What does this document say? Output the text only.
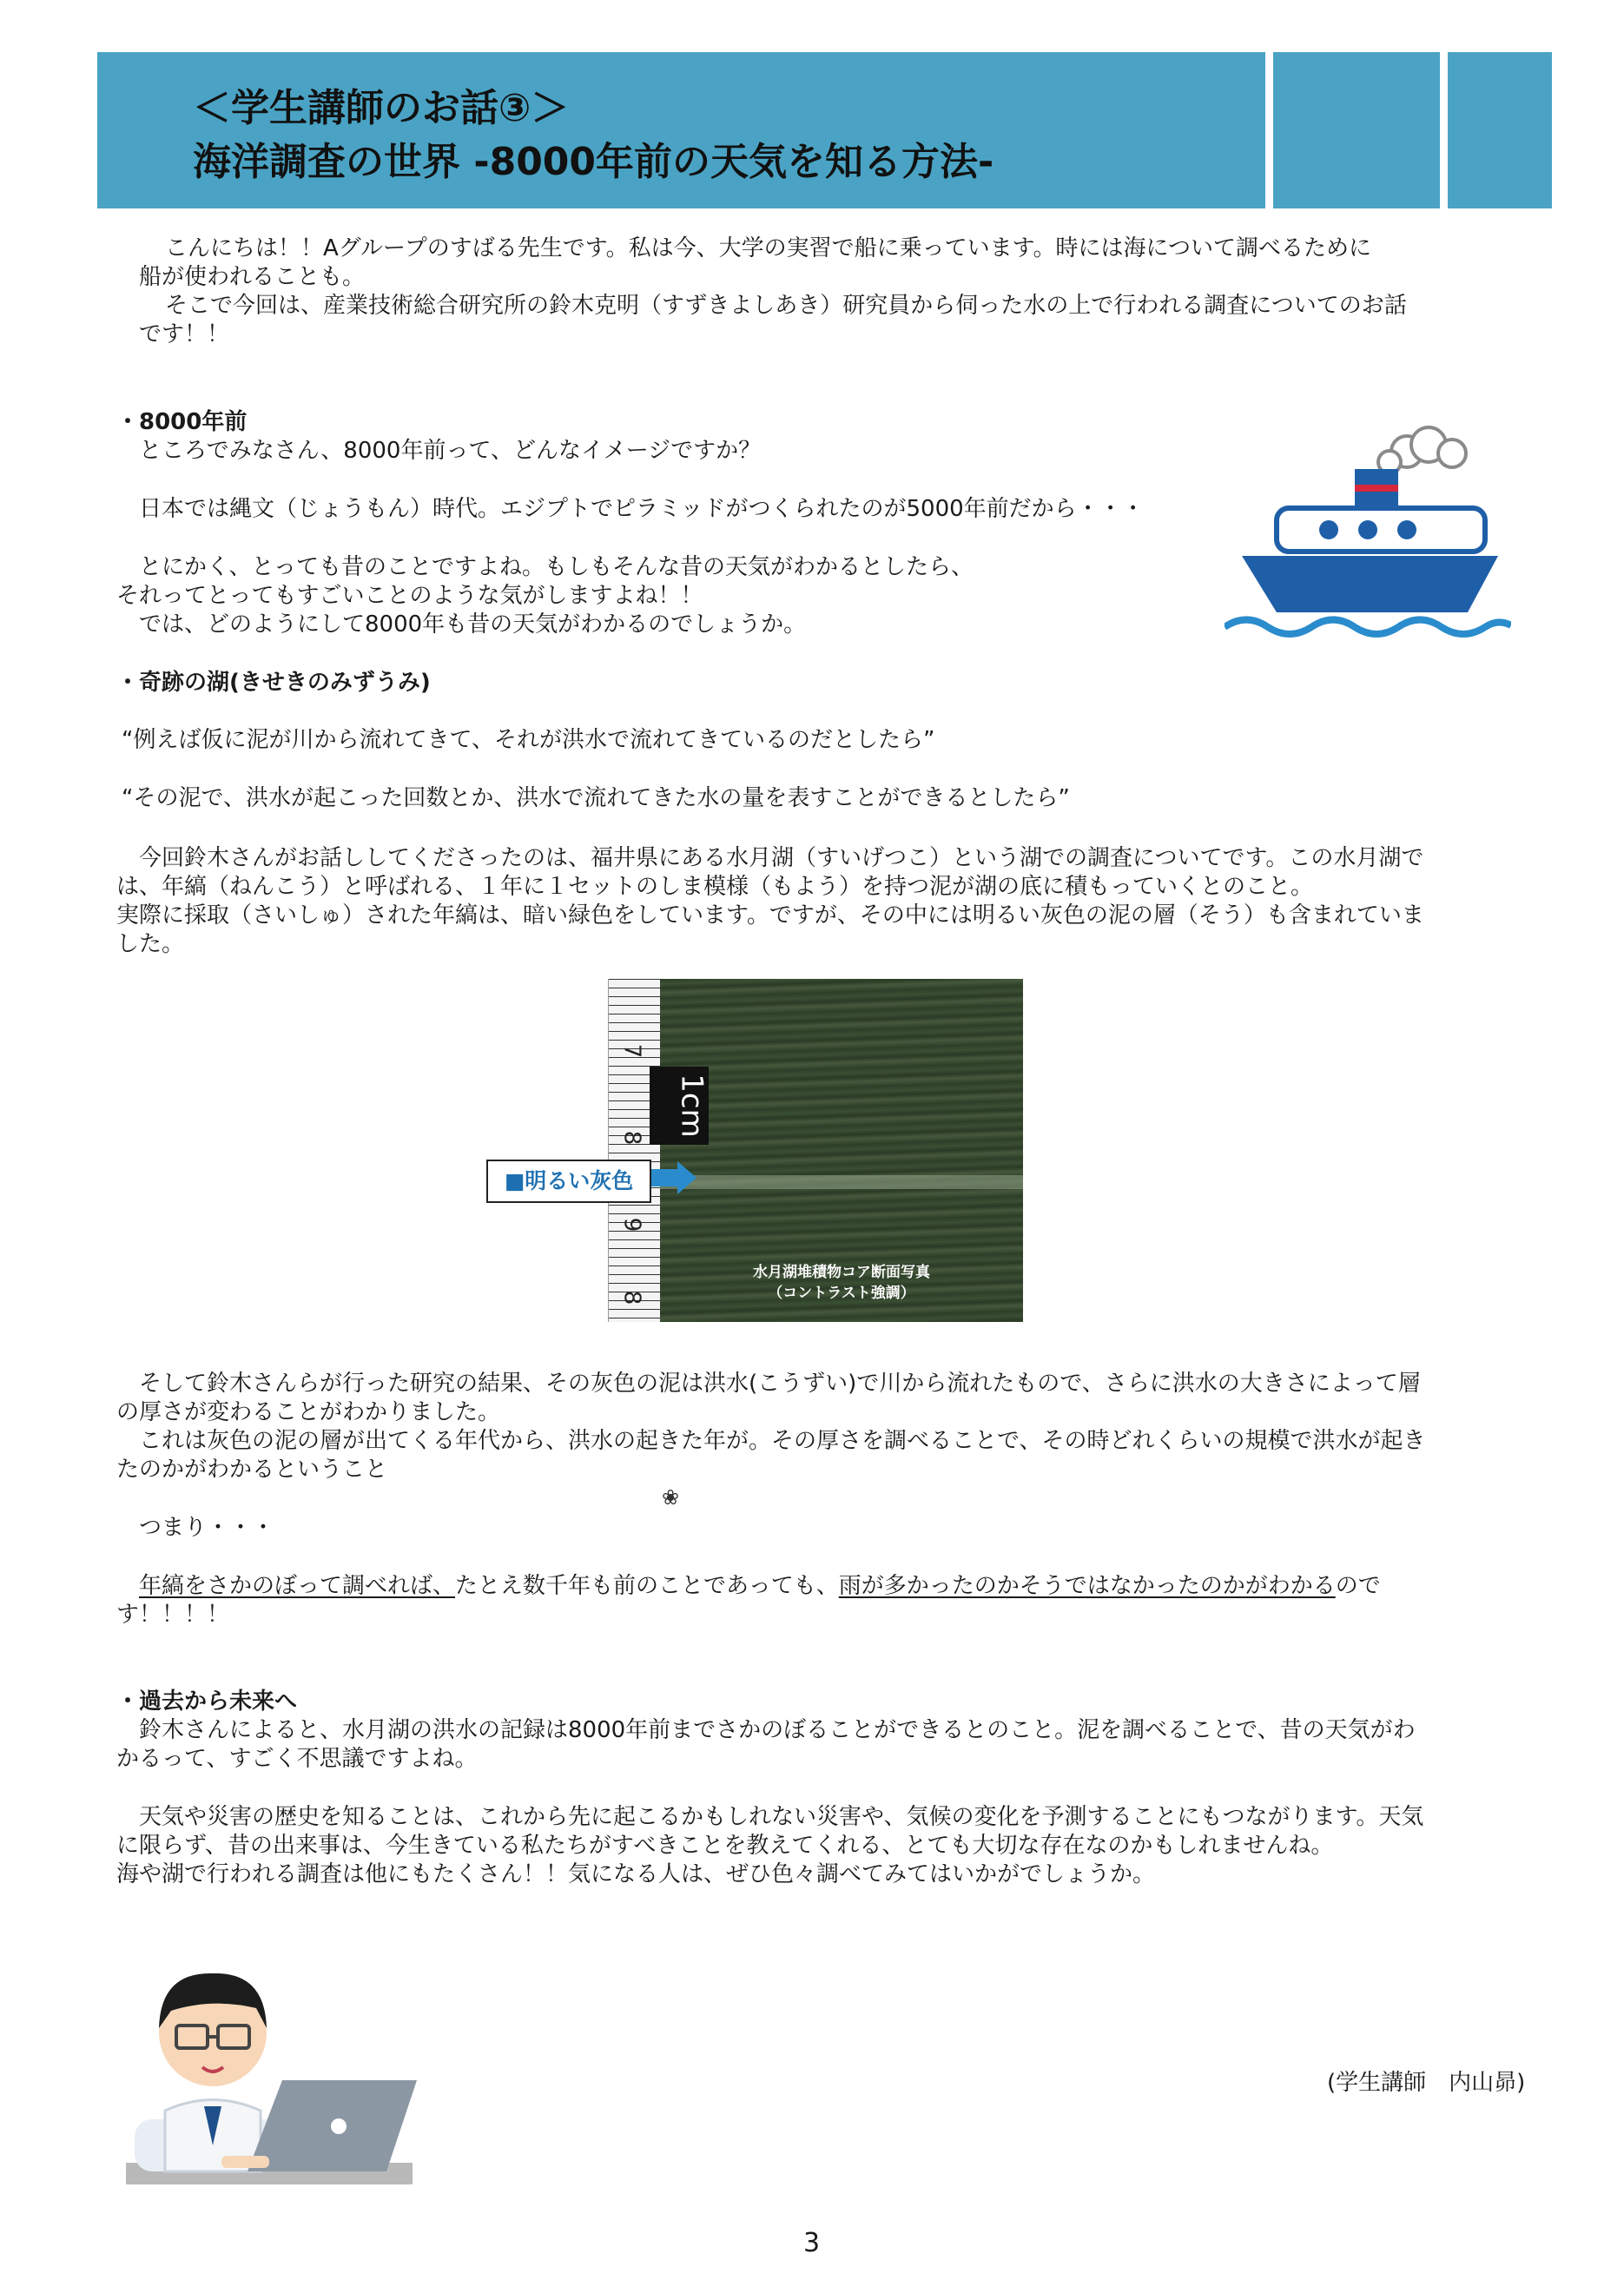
＜学生講師のお話③＞
海洋調査の世界 -8000年前の天気を知る方法-
こんにちは！！Aグループのすばる先生です。私は今、大学の実習で船に乗っています。時には海について調べるために
船が使われることも。
そこで今回は、産業技術総合研究所の鈴木克明（すずきよしあき）研究員から伺った水の上で行われる調査についてのお話
です！！
・8000年前
ところでみなさん、8000年前って、どんなイメージですか？
日本では縄文（じょうもん）時代。エジプトでピラミッドがつくられたのが5000年前だから・・・
とにかく、とっても昔のことですよね。もしもそんな昔の天気がわかるとしたら、
それってとってもすごいことのような気がしますよね！！
では、どのようにして8000年も昔の天気がわかるのでしょうか。
・奇跡の湖(きせきのみずうみ)
“例えば仮に泥が川から流れてきて、それが洪水で流れてきているのだとしたら”
“その泥で、洪水が起こった回数とか、洪水で流れてきた水の量を表すことができるとしたら”
今回鈴木さんがお話ししてくださったのは、福井県にある水月湖（すいげつこ）という湖での調査についてです。この水月湖で
は、年縞（ねんこう）と呼ばれる、１年に１セットのしま模様（もよう）を持つ泥が湖の底に積もっていくとのこと。
実際に採取（さいしゅ）された年縞は、暗い緑色をしています。ですが、その中には明るい灰色の泥の層（そう）も含まれていま
した。
7
8
9
8
水月湖堆積物コア断面写真
（コントラスト強調）
1cm
■明るい灰色
そして鈴木さんらが行った研究の結果、その灰色の泥は洪水(こうずい)で川から流れたもので、さらに洪水の大きさによって層
の厚さが変わることがわかりました。
これは灰色の泥の層が出てくる年代から、洪水の起きた年が。その厚さを調べることで、その時どれくらいの規模で洪水が起き
たのかがわかるということ
❀
つまり・・・
年縞をさかのぼって調べれば、たとえ数千年も前のことであっても、雨が多かったのかそうではなかったのかがわかるので
す！！！！
・過去から未来へ
鈴木さんによると、水月湖の洪水の記録は8000年前までさかのぼることができるとのこと。泥を調べることで、昔の天気がわ
かるって、すごく不思議ですよね。
天気や災害の歴史を知ることは、これから先に起こるかもしれない災害や、気候の変化を予測することにもつながります。天気
に限らず、昔の出来事は、今生きている私たちがすべきことを教えてくれる、とても大切な存在なのかもしれませんね。
海や湖で行われる調査は他にもたくさん！！気になる人は、ぜひ色々調べてみてはいかがでしょうか。
(学生講師　内山昴)
3
